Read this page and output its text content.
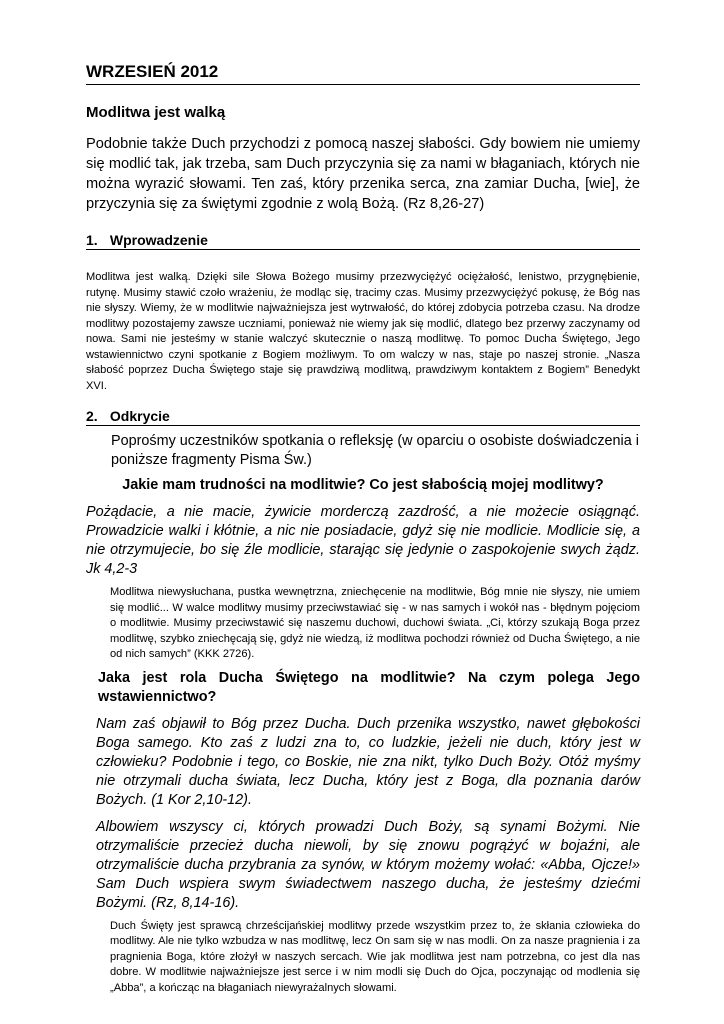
WRZESIEŃ 2012
Modlitwa jest walką

Podobnie także Duch przychodzi z pomocą naszej słabości. Gdy bowiem nie umiemy się modlić tak, jak trzeba, sam Duch przyczynia się za nami w błaganiach, których nie można wyrazić słowami. Ten zaś, który przenika serca, zna zamiar Ducha, [wie], że przyczynia się za świętymi zgodnie z wolą Bożą. (Rz 8,26-27)

1. Wprowadzenie

Modlitwa jest walką. Dzięki sile Słowa Bożego musimy przezwyciężyć ociężałość, lenistwo, przygnębienie, rutynę. Musimy stawić czoło wrażeniu, że modląc się, tracimy czas. Musimy przezwyciężyć pokusę, że Bóg nas nie słyszy. Wiemy, że w modlitwie najważniejsza jest wytrwałość, do której zdobycia potrzeba czasu. Na drodze modlitwy pozostajemy zawsze uczniami, ponieważ nie wiemy jak się modlić, dlatego bez przerwy zaczynamy od nowa. Sami nie jesteśmy w stanie walczyć skutecznie o naszą modlitwę. To pomoc Ducha Świętego, Jego wstawiennictwo czyni spotkanie z Bogiem możliwym. To om walczy w nas, staje po naszej stronie. „Nasza słabość poprzez Ducha Świętego staje się prawdziwą modlitwą, prawdziwym kontaktem z Bogiem” Benedykt XVI.

2. Odkrycie

Poprośmy uczestników spotkania o refleksję (w oparciu o osobiste doświadczenia i poniższe fragmenty Pisma Św.)

Jakie mam trudności na modlitwie? Co jest słabością mojej modlitwy?

Pożądacie, a nie macie, żywicie morderczą zazdrość, a nie możecie osiągnąć. Prowadzicie walki i kłótnie, a nic nie posiadacie, gdyż się nie modlicie. Modlicie się, a nie otrzymujecie, bo się źle modlicie, starając się jedynie o zaspokojenie swych żądz. Jk 4,2-3

Modlitwa niewysłuchana, pustka wewnętrzna, zniechęcenie na modlitwie, Bóg mnie nie słyszy, nie umiem się modlić... W walce modlitwy musimy przeciwstawiać się - w nas samych i wokół nas - błędnym pojęciom o modlitwie. Musimy przeciwstawić się naszemu duchowi, duchowi świata. „Ci, którzy szukają Boga przez modlitwę, szybko zniechęcają się, gdyż nie wiedzą, iż modlitwa pochodzi również od Ducha Świętego, a nie od nich samych” (KKK 2726).

Jaka jest rola Ducha Świętego na modlitwie? Na czym polega Jego wstawiennictwo?

Nam zaś objawił to Bóg przez Ducha. Duch przenika wszystko, nawet głębokości Boga samego. Kto zaś z ludzi zna to, co ludzkie, jeżeli nie duch, który jest w człowieku? Podobnie i tego, co Boskie, nie zna nikt, tylko Duch Boży. Otóż myśmy nie otrzymali ducha świata, lecz Ducha, który jest z Boga, dla poznania darów Bożych. (1 Kor 2,10-12).

Albowiem wszyscy ci, których prowadzi Duch Boży, są synami Bożymi. Nie otrzymaliście przecież ducha niewoli, by się znowu pogrążyć w bojaźni, ale otrzymaliście ducha przybrania za synów, w którym możemy wołać: «Abba, Ojcze!» Sam Duch wspiera swym świadectwem naszego ducha, że jesteśmy dziećmi Bożymi. (Rz, 8,14-16).

Duch Święty jest sprawcą chrześcijańskiej modlitwy przede wszystkim przez to, że skłania człowieka do modlitwy. Ale nie tylko wzbudza w nas modlitwę, lecz On sam się w nas modli. On za nasze pragnienia i za pragnienia Boga, które złożył w naszych sercach. Wie jak modlitwa jest nam potrzebna, co jest dla nas dobre. W modlitwie najważniejsze jest serce i w nim modli się Duch do Ojca, poczynając od modlenia się „Abba”, a kończąc na błaganiach niewyrażalnych słowami.
